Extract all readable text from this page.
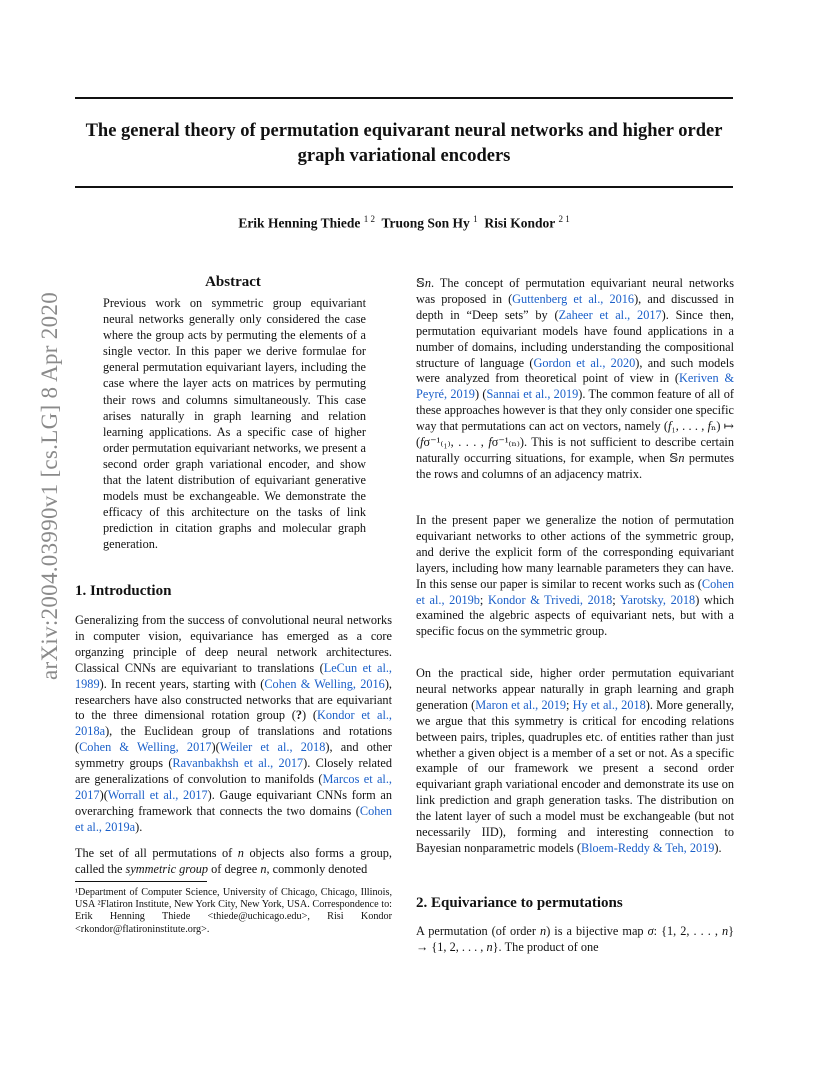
The general theory of permutation equivarant neural networks and higher order graph variational encoders
Erik Henning Thiede $^{1 2}$ Truong Son Hy $^1$ Risi Kondor $^{2 1}$
arXiv:2004.03990v1 [cs.LG] 8 Apr 2020
Abstract
Previous work on symmetric group equivariant neural networks generally only considered the case where the group acts by permuting the elements of a single vector. In this paper we derive formulae for general permutation equivariant layers, including the case where the layer acts on matrices by permuting their rows and columns simultaneously. This case arises naturally in graph learning and relation learning applications. As a specific case of higher order permutation equivariant networks, we present a second order graph variational encoder, and show that the latent distribution of equivariant generative models must be exchangeable. We demonstrate the efficacy of this architecture on the tasks of link prediction in citation graphs and molecular graph generation.
1. Introduction
Generalizing from the success of convolutional neural networks in computer vision, equivariance has emerged as a core organzing principle of deep neural network architectures. Classical CNNs are equivariant to translations (LeCun et al., 1989). In recent years, starting with (Cohen & Welling, 2016), researchers have also constructed networks that are equivariant to the three dimensional rotation group (?) (Kondor et al., 2018a), the Euclidean group of translations and rotations (Cohen & Welling, 2017)(Weiler et al., 2018), and other symmetry groups (Ravanbakhsh et al., 2017). Closely related are generalizations of convolution to manifolds (Marcos et al., 2017)(Worrall et al., 2017). Gauge equivariant CNNs form an overarching framework that connects the two domains (Cohen et al., 2019a).
The set of all permutations of n objects also forms a group, called the symmetric group of degree n, commonly denoted
¹Department of Computer Science, University of Chicago, Chicago, Illinois, USA ²Flatiron Institute, New York City, New York, USA. Correspondence to: Erik Henning Thiede <thiede@uchicago.edu>, Risi Kondor <rkondor@flatironinstitute.org>.
𝕊n. The concept of permutation equivariant neural networks was proposed in (Guttenberg et al., 2016), and discussed in depth in “Deep sets” by (Zaheer et al., 2017). Since then, permutation equivariant models have found applications in a number of domains, including understanding the compositional structure of language (Gordon et al., 2020), and such models were analyzed from theoretical point of view in (Keriven & Peyré, 2019) (Sannai et al., 2019). The common feature of all of these approaches however is that they only consider one specific way that permutations can act on vectors, namely (f₁, . . . , fₙ) ↦ (fσ⁻¹₍₁₎, . . . , fσ⁻¹₍ₙ₎). This is not sufficient to describe certain naturally occurring situations, for example, when 𝕊n permutes the rows and columns of an adjacency matrix.
In the present paper we generalize the notion of permutation equivariant networks to other actions of the symmetric group, and derive the explicit form of the corresponding equivariant layers, including how many learnable parameters they can have. In this sense our paper is similar to recent works such as (Cohen et al., 2019b; Kondor & Trivedi, 2018; Yarotsky, 2018) which examined the algebric aspects of equivariant nets, but with a specific focus on the symmetric group.
On the practical side, higher order permutation equivariant neural networks appear naturally in graph learning and graph generation (Maron et al., 2019; Hy et al., 2018). More generally, we argue that this symmetry is critical for encoding relations between pairs, triples, quadruples etc. of entities rather than just whether a given object is a member of a set or not. As a specific example of our framework we present a second order equivariant graph variational encoder and demonstrate its use on link prediction and graph generation tasks. The distribution on the latent layer of such a model must be exchangeable (but not necessarily IID), forming and interesting connection to Bayesian nonparametric models (Bloem-Reddy & Teh, 2019).
2. Equivariance to permutations
A permutation (of order n) is a bijective map σ: {1, 2, . . . , n} → {1, 2, . . . , n}. The product of one
